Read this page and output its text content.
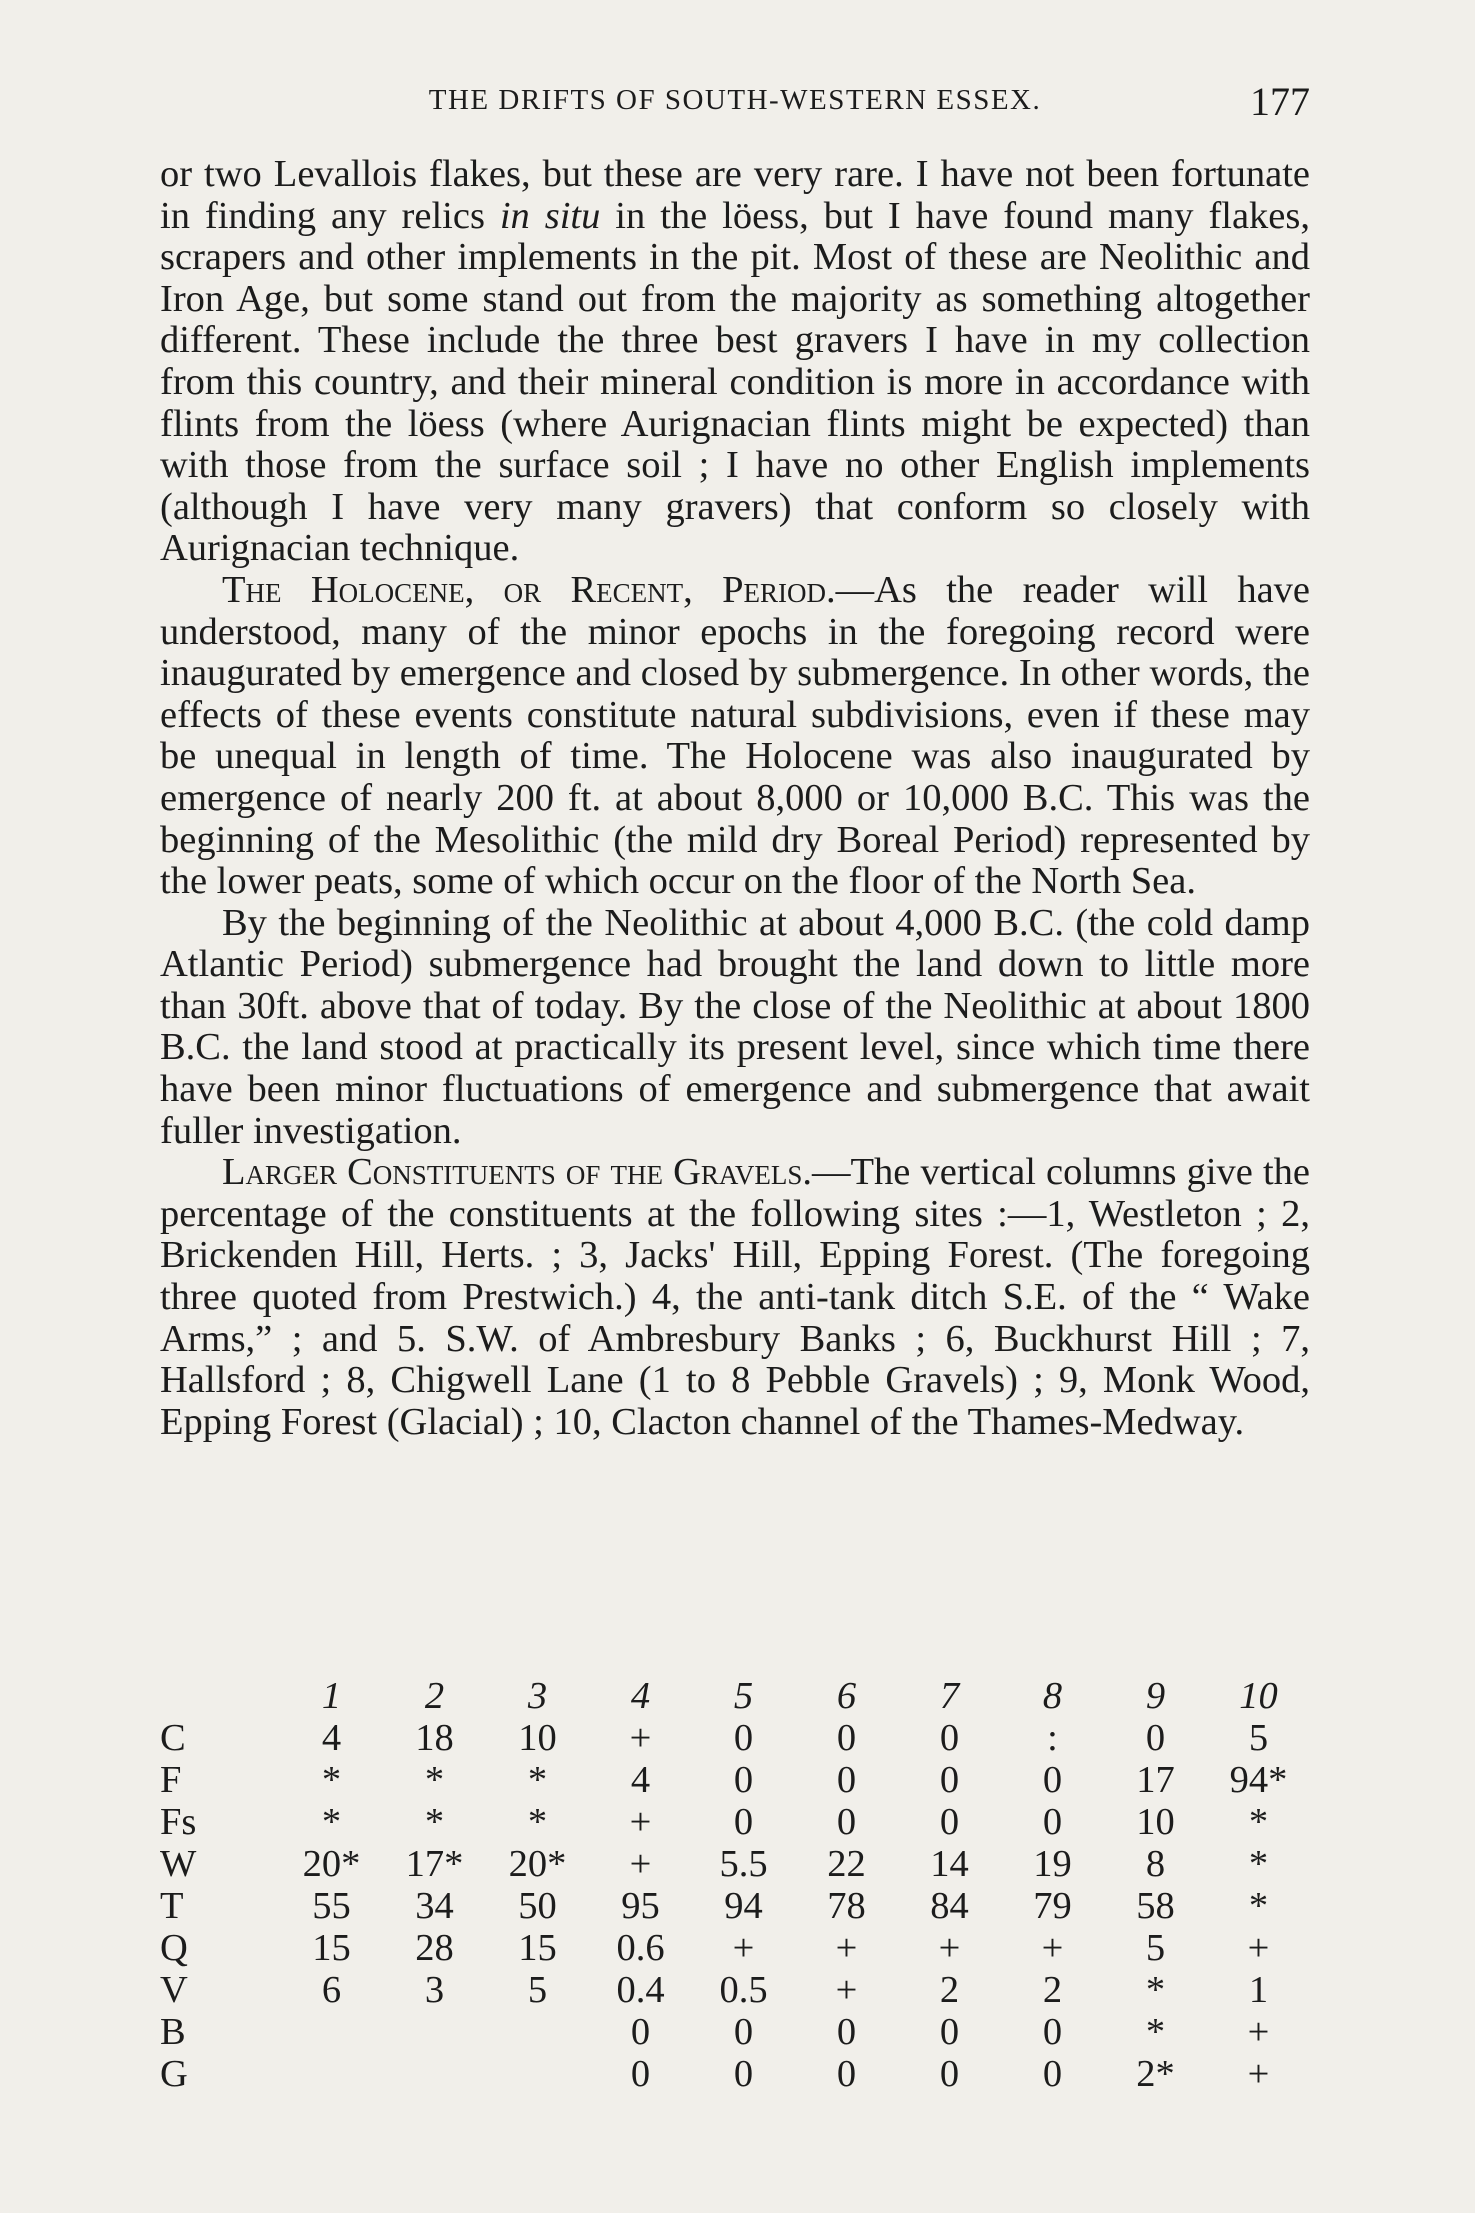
THE DRIFTS OF SOUTH-WESTERN ESSEX.	177

or two Levallois flakes, but these are very rare. I have not been fortunate in finding any relics in situ in the löess, but I have found many flakes, scrapers and other implements in the pit. Most of these are Neolithic and Iron Age, but some stand out from the majority as something altogether different. These include the three best gravers I have in my collection from this country, and their mineral condition is more in accordance with flints from the löess (where Aurignacian flints might be expected) than with those from the surface soil ; I have no other English implements (although I have very many gravers) that conform so closely with Aurignacian technique.

The Holocene, or Recent, Period.—As the reader will have understood, many of the minor epochs in the foregoing record were inaugurated by emergence and closed by submergence. In other words, the effects of these events constitute natural subdivisions, even if these may be unequal in length of time. The Holocene was also inaugurated by emergence of nearly 200 ft. at about 8,000 or 10,000 B.C. This was the beginning of the Mesolithic (the mild dry Boreal Period) represented by the lower peats, some of which occur on the floor of the North Sea.

By the beginning of the Neolithic at about 4,000 B.C. (the cold damp Atlantic Period) submergence had brought the land down to little more than 30ft. above that of today. By the close of the Neolithic at about 1800 B.C. the land stood at practically its present level, since which time there have been minor fluctuations of emergence and submergence that await fuller investigation.

Larger Constituents of the Gravels.—The vertical columns give the percentage of the constituents at the following sites :—1, Westleton ; 2, Brickenden Hill, Herts. ; 3, Jacks' Hill, Epping Forest. (The foregoing three quoted from Prestwich.) 4, the anti-tank ditch S.E. of the “ Wake Arms,” ; and 5. S.W. of Ambresbury Banks ; 6, Buckhurst Hill ; 7, Hallsford ; 8, Chigwell Lane (1 to 8 Pebble Gravels) ; 9, Monk Wood, Epping Forest (Glacial) ; 10, Clacton channel of the Thames-Medway.

	1	2	3	4	5	6	7	8	9	10
C	4	18	10	+	0	0	0	:	0	5
F	*	*	*	4	0	0	0	0	17	94*
Fs	*	*	*	+	0	0	0	0	10	*
W	20*	17*	20*	+	5.5	22	14	19	8	*
T	55	34	50	95	94	78	84	79	58	*
Q	15	28	15	0.6	+	+	+	+	5	+
V	6	3	5	0.4	0.5	+	2	2	*	1
B				0	0	0	0	0	*	+
G				0	0	0	0	0	2*	+
